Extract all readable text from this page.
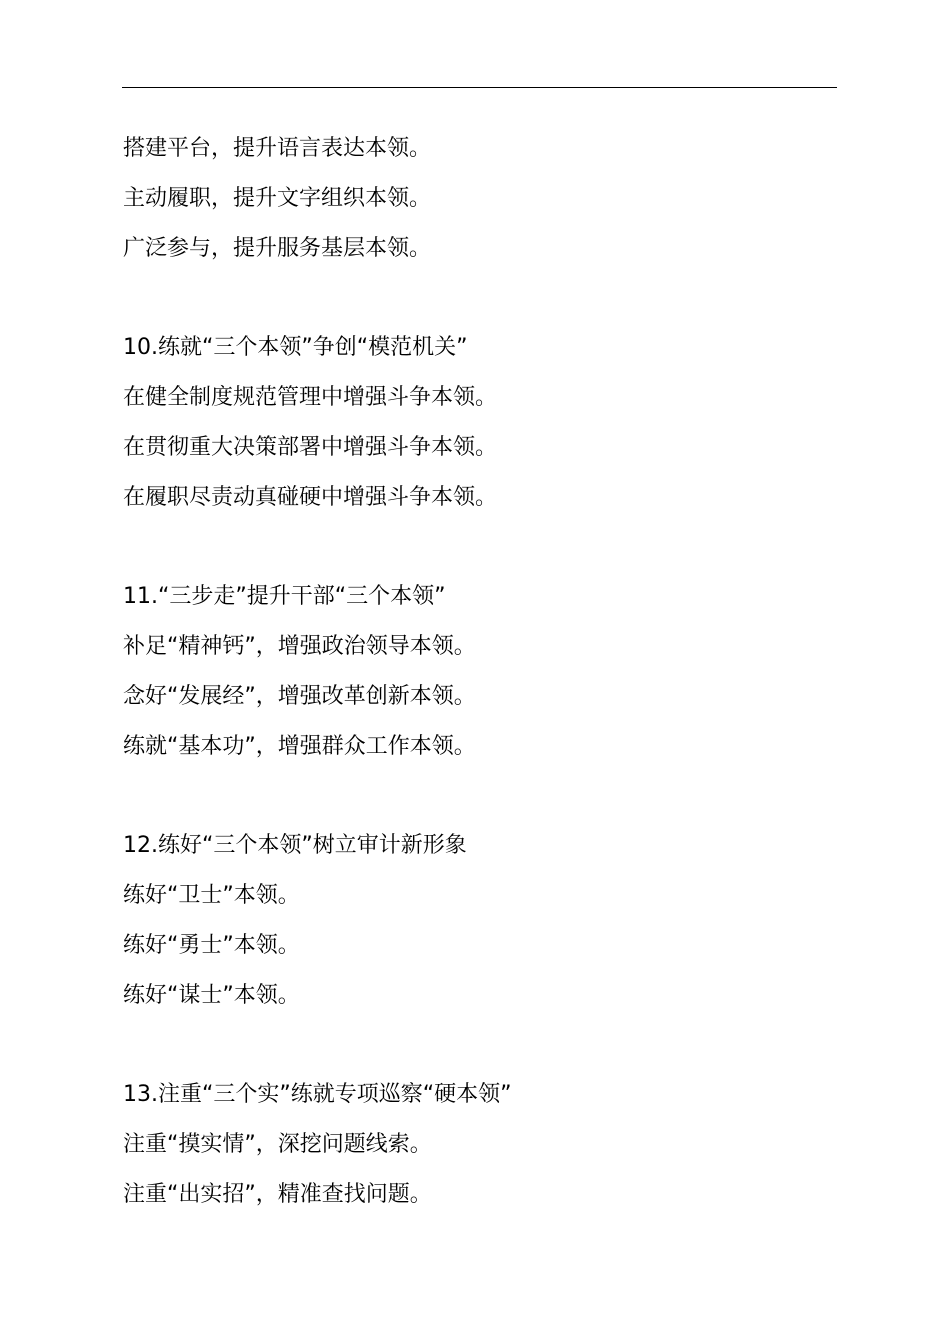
搭建平台，提升语言表达本领。
主动履职，提升文字组织本领。
广泛参与，提升服务基层本领。
10.练就“三个本领”争创“模范机关”
在健全制度规范管理中增强斗争本领。
在贯彻重大决策部署中增强斗争本领。
在履职尽责动真碰硬中增强斗争本领。
11.“三步走”提升干部“三个本领”
补足“精神钙”，增强政治领导本领。
念好“发展经”，增强改革创新本领。
练就“基本功”，增强群众工作本领。
12.练好“三个本领”树立审计新形象
练好“卫士”本领。
练好“勇士”本领。
练好“谋士”本领。
13.注重“三个实”练就专项巡察“硬本领”
注重“摸实情”，深挖问题线索。
注重“出实招”，精准查找问题。
